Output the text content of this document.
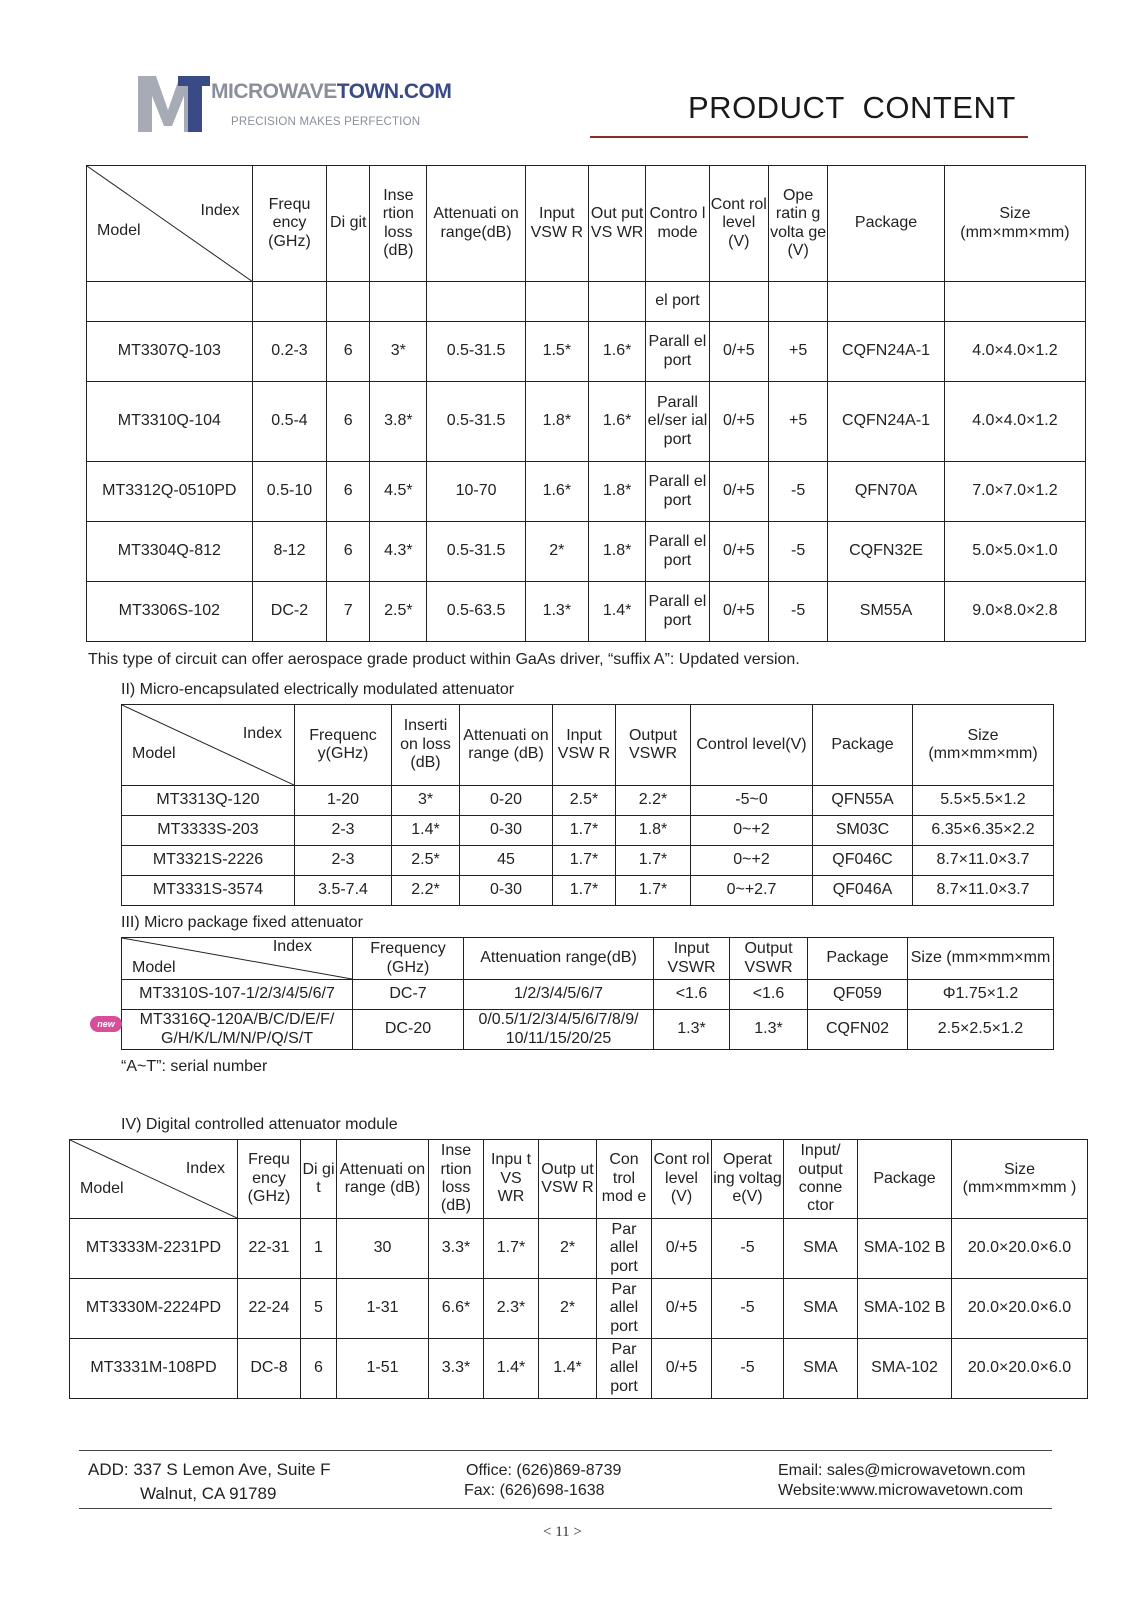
MICROWAVETOWN.COM
PRECISION MAKES PERFECTION	PRODUCT  CONTENT
Index
Model	Frequ ency (GHz)	Di git	Inse rtion loss (dB)	Attenuati on range(dB)	Input VSW R	Out put VS WR	Contro l mode	Cont rol level (V)	Ope ratin g volta ge (V)	Package	Size (mm×mm×mm)
							el port				
MT3307Q-103	0.2-3	6	3*	0.5-31.5	1.5*	1.6*	Parall el port	0/+5	+5	CQFN24A-1	4.0×4.0×1.2
MT3310Q-104	0.5-4	6	3.8*	0.5-31.5	1.8*	1.6*	Parall el/ser ial port	0/+5	+5	CQFN24A-1	4.0×4.0×1.2
MT3312Q-0510PD	0.5-10	6	4.5*	10-70	1.6*	1.8*	Parall el port	0/+5	-5	QFN70A	7.0×7.0×1.2
MT3304Q-812	8-12	6	4.3*	0.5-31.5	2*	1.8*	Parall el port	0/+5	-5	CQFN32E	5.0×5.0×1.0
MT3306S-102	DC-2	7	2.5*	0.5-63.5	1.3*	1.4*	Parall el port	0/+5	-5	SM55A	9.0×8.0×2.8
This type of circuit can offer aerospace grade product within GaAs driver, “suffix A”: Updated version.
II) Micro-encapsulated electrically modulated attenuator
Index
Model	Frequenc y(GHz)	Inserti on loss (dB)	Attenuati on range (dB)	Input VSW R	Output VSWR	Control level(V)	Package	Size (mm×mm×mm)
MT3313Q-120	1-20	3*	0-20	2.5*	2.2*	-5~0	QFN55A	5.5×5.5×1.2
MT3333S-203	2-3	1.4*	0-30	1.7*	1.8*	0~+2	SM03C	6.35×6.35×2.2
MT3321S-2226	2-3	2.5*	45	1.7*	1.7*	0~+2	QF046C	8.7×11.0×3.7
MT3331S-3574	3.5-7.4	2.2*	0-30	1.7*	1.7*	0~+2.7	QF046A	8.7×11.0×3.7
III) Micro package fixed attenuator
Index
Model	Frequency (GHz)	Attenuation range(dB)	Input VSWR	Output VSWR	Package	Size (mm×mm×mm
MT3310S-107-1/2/3/4/5/6/7	DC-7	1/2/3/4/5/6/7	<1.6	<1.6	QF059	Φ1.75×1.2
MT3316Q-120A/B/C/D/E/F/ G/H/K/L/M/N/P/Q/S/T	DC-20	0/0.5/1/2/3/4/5/6/7/8/9/ 10/11/15/20/25	1.3*	1.3*	CQFN02	2.5×2.5×1.2
new
“A~T”: serial number
IV) Digital controlled attenuator module
Index
Model	Frequ ency (GHz)	Di gi t	Attenuati on range (dB)	Inse rtion loss (dB)	Inpu t VS WR	Outp ut VSW R	Con trol mod e	Cont rol level (V)	Operat ing voltag e(V)	Input/ output conne ctor	Package	Size (mm×mm×mm )
MT3333M-2231PD	22-31	1	30	3.3*	1.7*	2*	Par allel port	0/+5	-5	SMA	SMA-102 B	20.0×20.0×6.0
MT3330M-2224PD	22-24	5	1-31	6.6*	2.3*	2*	Par allel port	0/+5	-5	SMA	SMA-102 B	20.0×20.0×6.0
MT3331M-108PD	DC-8	6	1-51	3.3*	1.4*	1.4*	Par allel port	0/+5	-5	SMA	SMA-102	20.0×20.0×6.0
ADD: 337 S Lemon Ave, Suite F
Walnut, CA 91789
Office: (626)869-8739
Fax: (626)698-1638
Email: sales@microwavetown.com
Website:www.microwavetown.com
< 11 >
